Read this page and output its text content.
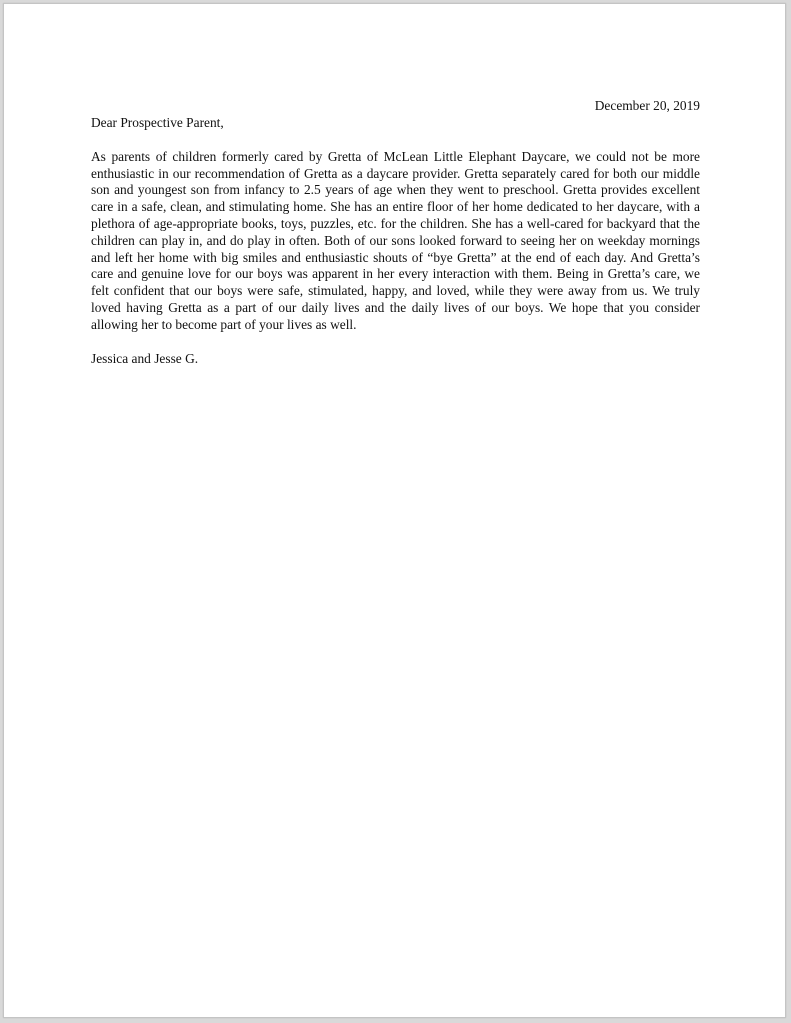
December 20, 2019

Dear Prospective Parent,

As parents of children formerly cared by Gretta of McLean Little Elephant Daycare, we could not be more enthusiastic in our recommendation of Gretta as a daycare provider. Gretta separately cared for both our middle son and youngest son from infancy to 2.5 years of age when they went to preschool. Gretta provides excellent care in a safe, clean, and stimulating home. She has an entire floor of her home dedicated to her daycare, with a plethora of age-appropriate books, toys, puzzles, etc. for the children. She has a well-cared for backyard that the children can play in, and do play in often. Both of our sons looked forward to seeing her on weekday mornings and left her home with big smiles and enthusiastic shouts of “bye Gretta” at the end of each day. And Gretta’s care and genuine love for our boys was apparent in her every interaction with them. Being in Gretta’s care, we felt confident that our boys were safe, stimulated, happy, and loved, while they were away from us. We truly loved having Gretta as a part of our daily lives and the daily lives of our boys. We hope that you consider allowing her to become part of your lives as well.

Jessica and Jesse G.
